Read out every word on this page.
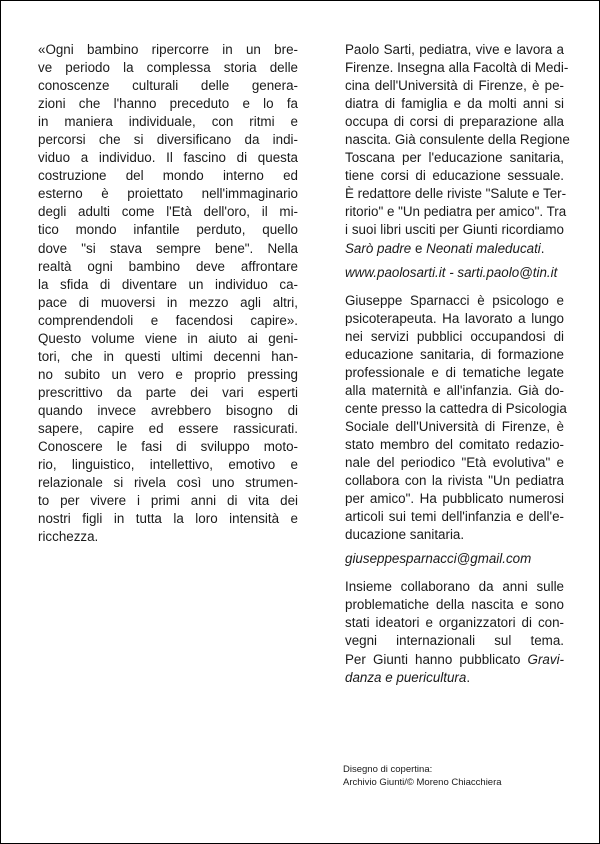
«Ogni bambino ripercorre in un bre-
ve periodo la complessa storia delle
conoscenze culturali delle genera-
zioni che l'hanno preceduto e lo fa
in maniera individuale, con ritmi e
percorsi che si diversificano da indi-
viduo a individuo. Il fascino di questa
costruzione del mondo interno ed
esterno è proiettato nell'immaginario
degli adulti come l'Età dell'oro, il mi-
tico mondo infantile perduto, quello
dove "si stava sempre bene". Nella
realtà ogni bambino deve affrontare
la sfida di diventare un individuo ca-
pace di muoversi in mezzo agli altri,
comprendendoli e facendosi capire».
Questo volume viene in aiuto ai geni-
tori, che in questi ultimi decenni han-
no subito un vero e proprio pressing
prescrittivo da parte dei vari esperti
quando invece avrebbero bisogno di
sapere, capire ed essere rassicurati.
Conoscere le fasi di sviluppo moto-
rio, linguistico, intellettivo, emotivo e
relazionale si rivela così uno strumen-
to per vivere i primi anni di vita dei
nostri figli in tutta la loro intensità e
ricchezza.
Paolo Sarti, pediatra, vive e lavora a
Firenze. Insegna alla Facoltà di Medi-
cina dell'Università di Firenze, è pe-
diatra di famiglia e da molti anni si
occupa di corsi di preparazione alla
nascita. Già consulente della Regione
Toscana per l'educazione sanitaria,
tiene corsi di educazione sessuale.
È redattore delle riviste "Salute e Ter-
ritorio" e "Un pediatra per amico". Tra
i suoi libri usciti per Giunti ricordiamo
Sarò padre e Neonati maleducati.
www.paolosarti.it - sarti.paolo@tin.it
Giuseppe Sparnacci è psicologo e
psicoterapeuta. Ha lavorato a lungo
nei servizi pubblici occupandosi di
educazione sanitaria, di formazione
professionale e di tematiche legate
alla maternità e all'infanzia. Già do-
cente presso la cattedra di Psicologia
Sociale dell'Università di Firenze, è
stato membro del comitato redazio-
nale del periodico "Età evolutiva" e
collabora con la rivista "Un pediatra
per amico". Ha pubblicato numerosi
articoli sui temi dell'infanzia e dell'e-
ducazione sanitaria.
giuseppesparnacci@gmail.com
Insieme collaborano da anni sulle
problematiche della nascita e sono
stati ideatori e organizzatori di con-
vegni internazionali sul tema.
Per Giunti hanno pubblicato Gravi-
danza e puericultura.
Disegno di copertina:
Archivio Giunti/© Moreno Chiacchiera
